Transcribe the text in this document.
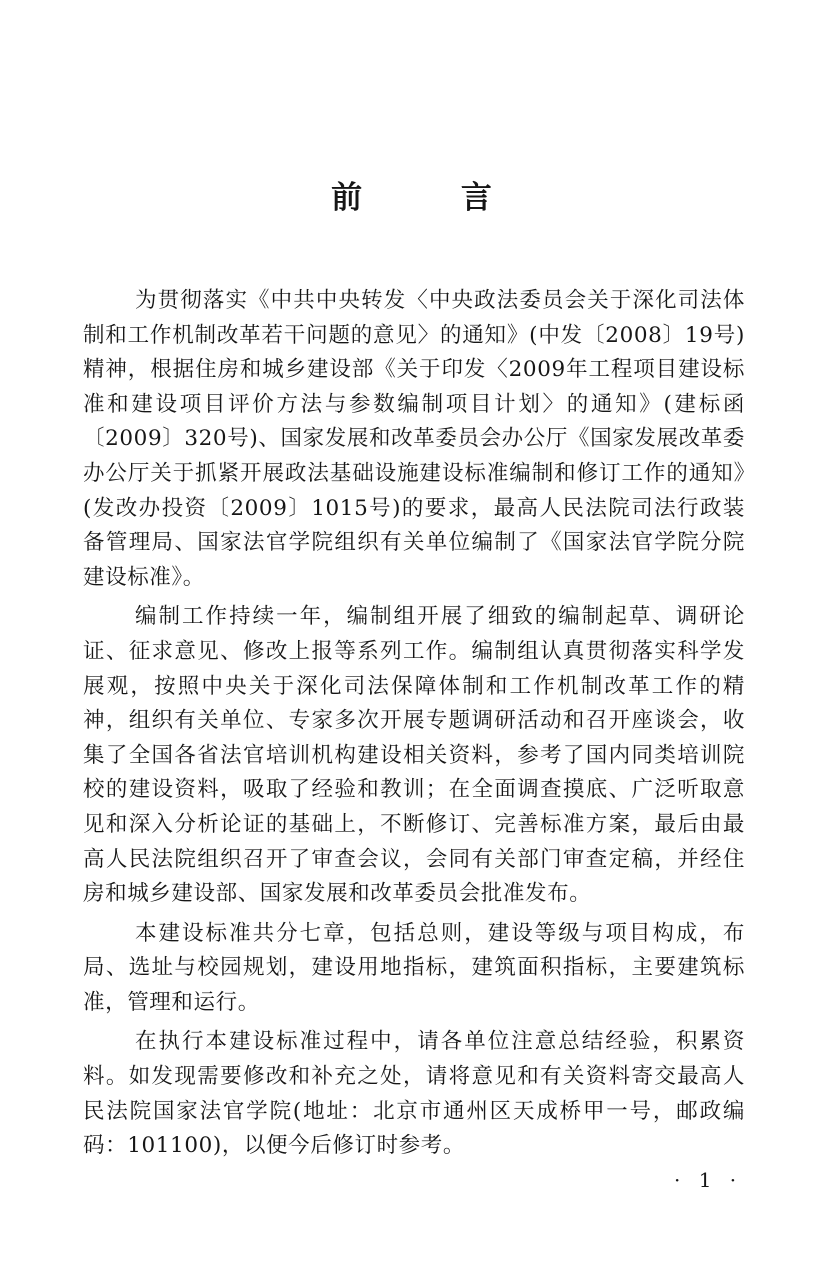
前 言

为贯彻落实《中共中央转发〈中央政法委员会关于深化司法体制和工作机制改革若干问题的意见〉的通知》(中发〔2008〕19号)精神，根据住房和城乡建设部《关于印发〈2009年工程项目建设标准和建设项目评价方法与参数编制项目计划〉的通知》(建标函〔2009〕320号)、国家发展和改革委员会办公厅《国家发展改革委办公厅关于抓紧开展政法基础设施建设标准编制和修订工作的通知》(发改办投资〔2009〕1015号)的要求，最高人民法院司法行政装备管理局、国家法官学院组织有关单位编制了《国家法官学院分院建设标准》。

编制工作持续一年，编制组开展了细致的编制起草、调研论证、征求意见、修改上报等系列工作。编制组认真贯彻落实科学发展观，按照中央关于深化司法保障体制和工作机制改革工作的精神，组织有关单位、专家多次开展专题调研活动和召开座谈会，收集了全国各省法官培训机构建设相关资料，参考了国内同类培训院校的建设资料，吸取了经验和教训；在全面调查摸底、广泛听取意见和深入分析论证的基础上，不断修订、完善标准方案，最后由最高人民法院组织召开了审查会议，会同有关部门审查定稿，并经住房和城乡建设部、国家发展和改革委员会批准发布。

本建设标准共分七章，包括总则，建设等级与项目构成，布局、选址与校园规划，建设用地指标，建筑面积指标，主要建筑标准，管理和运行。

在执行本建设标准过程中，请各单位注意总结经验，积累资料。如发现需要修改和补充之处，请将意见和有关资料寄交最高人民法院国家法官学院(地址：北京市通州区天成桥甲一号，邮政编码：101100)，以便今后修订时参考。

· 1 ·
